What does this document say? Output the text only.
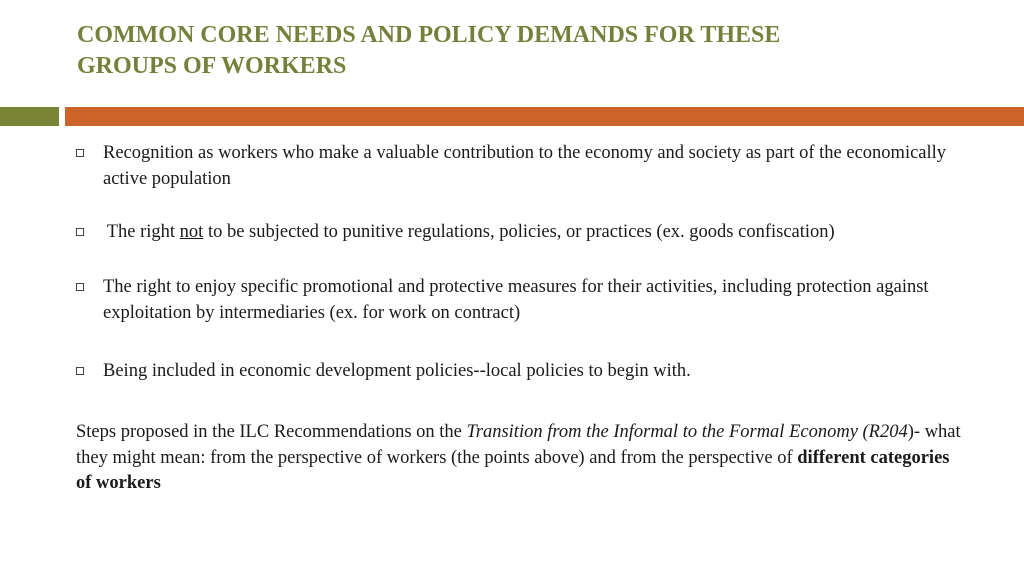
COMMON CORE NEEDS AND POLICY DEMANDS FOR THESE
GROUPS OF WORKERS
Recognition as workers who make a valuable contribution to the economy and society as part of the economically active population
 The right not to be subjected to punitive regulations, policies, or practices (ex. goods confiscation)
The right to enjoy specific promotional and protective measures for their activities, including protection against exploitation by intermediaries (ex. for work on contract)
Being included in economic development policies--local policies to begin with.

Steps proposed in the ILC Recommendations on the Transition from the Informal to the Formal Economy (R204)- what they might mean: from the perspective of workers (the points above) and from the perspective of different categories of workers
